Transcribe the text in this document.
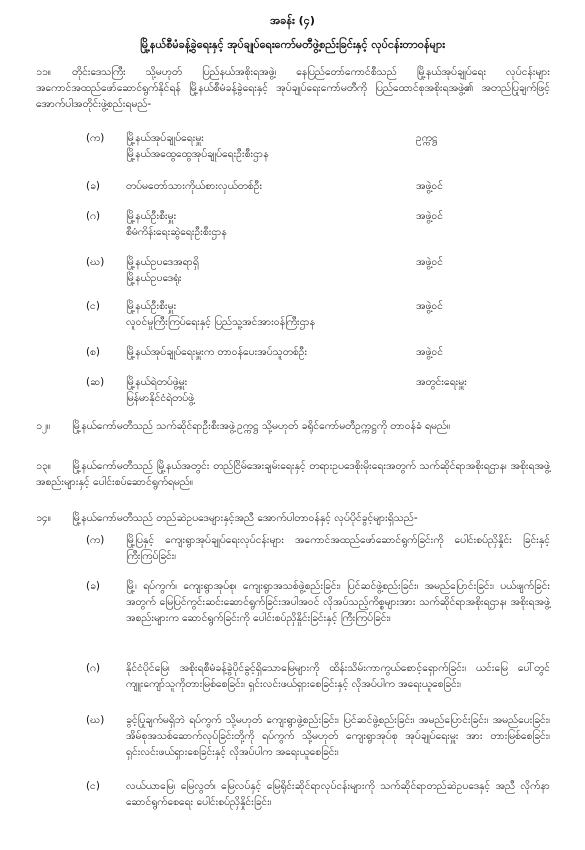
အခန်း (၄)
မြို့နယ်စီမံခန့်ခွဲရေးနှင့် အုပ်ချုပ်ရေးကော်မတီဖွဲ့စည်းခြင်းနှင့် လုပ်ငန်းတာဝန်များ
၁၁။ တိုင်းဒေသကြီး သို့မဟုတ် ပြည်နယ်အစိုးရအဖွဲ့၊ နေပြည်တော်ကောင်စီသည် မြို့နယ်အုပ်ချုပ်ရေး လုပ်ငန်းများ အကောင်အထည်ဖော်ဆောင်ရွက်နိုင်ရန် မြို့နယ်စီမံခန့်ခွဲရေးနှင့် အုပ်ချုပ်ရေးကော်မတီကို ပြည်ထောင်စုအစိုးရအဖွဲ့၏ အတည်ပြုချက်ဖြင့် အောက်ပါအတိုင်းဖွဲ့စည်းရမည်-
(က)	မြို့နယ်အုပ်ချုပ်ရေးမှူး	ဥက္ကဋ္ဌ
မြို့နယ်အထွေထွေအုပ်ချုပ်ရေးဦးစီးဌာန
(ခ)	တပ်မတော်သားကိုယ်စားလှယ်တစ်ဦး	အဖွဲ့ဝင်
(ဂ)	မြို့နယ်ဦးစီးမှူး	အဖွဲ့ဝင်
စီမံကိန်းရေးဆွဲရေးဦးစီးဌာန
(ဃ)	မြို့နယ်ဥပဒေအရာရှိ	အဖွဲ့ဝင်
မြို့နယ်ဥပဒေရုံး
(င)	မြို့နယ်ဦးစီးမှူး	အဖွဲ့ဝင်
လူဝင်မှုကြီးကြပ်ရေးနှင့် ပြည်သူ့အင်အားဝန်ကြီးဌာန
(စ)	မြို့နယ်အုပ်ချုပ်ရေးမှူးက တာဝန်ပေးအပ်သူတစ်ဦး	အဖွဲ့ဝင်
(ဆ)	မြို့နယ်ရဲတပ်ဖွဲ့မှူး	အတွင်းရေးမှူး
မြန်မာနိုင်ငံရဲတပ်ဖွဲ့
၁၂။ မြို့နယ်ကော်မတီသည် သက်ဆိုင်ရာဦးစီးအဖွဲ့ဥက္ကဋ္ဌ သို့မဟုတ် ခရိုင်ကော်မတီဥက္ကဋ္ဌကို တာဝန်ခံ ရမည်။
၁၃။ မြို့နယ်ကော်မတီသည် မြို့နယ်အတွင်း တည်ငြိမ်အေးချမ်းရေးနှင့် တရားဥပဒေစိုးမိုးရေးအတွက် သက်ဆိုင်ရာအစိုးရဌာန၊ အစိုးရအဖွဲ့အစည်းများနှင့် ပေါင်းစပ်ဆောင်ရွက်ရမည်။
၁၄။ မြို့နယ်ကော်မတီသည် တည်ဆဲဥပဒေများနှင့်အညီ အောက်ပါတာဝန်နှင့် လုပ်ပိုင်ခွင့်များရှိသည်-
(က)	မြို့ပြနှင့် ကျေးရွာအုပ်ချုပ်ရေးလုပ်ငန်းများ အကောင်အထည်ဖော်ဆောင်ရွက်ခြင်းကို ပေါင်းစပ်ညှိနှိုင်း ခြင်းနှင့် ကြီးကြပ်ခြင်း၊
(ခ)	မြို့၊ ရပ်ကွက်၊ ကျေးရွာအုပ်စု၊ ကျေးရွာအသစ်ဖွဲ့စည်းခြင်း၊ ပြင်ဆင်ဖွဲ့စည်းခြင်း၊ အမည်ပြောင်းခြင်း၊ ပယ်ဖျက်ခြင်းအတွက် မြေပြင်ကွင်းဆင်းဆောင်ရွက်ခြင်းအပါအဝင် လိုအပ်သည့်ကိစ္စများအား သက်ဆိုင်ရာအစိုးရဌာန၊ အစိုးရအဖွဲ့အစည်းများက ဆောင်ရွက်ခြင်းကို ပေါင်းစပ်ညှိနှိုင်းခြင်းနှင့် ကြီးကြပ်ခြင်း၊
(ဂ)	နိုင်ငံပိုင်မြေ၊ အစိုးရစီမံခန့်ခွဲပိုင်ခွင့်ရှိသောမြေများကို ထိန်းသိမ်းကာကွယ်စောင့်ရှောက်ခြင်း၊ ယင်းမြေ ပေါ်တွင် ကျူးကျော်သူကိုတားမြစ်စေခြင်း၊ ရှင်းလင်းဖယ်ရှားစေခြင်းနှင့် လိုအပ်ပါက အရေးယူစေခြင်း၊
(ဃ)	ခွင့်ပြုချက်မရှိဘဲ ရပ်ကွက် သို့မဟုတ် ကျေးရွာဖွဲ့စည်းခြင်း၊ ပြင်ဆင်ဖွဲ့စည်းခြင်း၊ အမည်ပြောင်းခြင်း၊ အမည်ပေးခြင်း၊ အိမ်စုအသစ်ဆောက်လုပ်ခြင်းတို့ကို ရပ်ကွက် သို့မဟုတ် ကျေးရွာအုပ်စု အုပ်ချုပ်ရေးမှူး အား တားမြစ်စေခြင်း၊ ရှင်းလင်းဖယ်ရှားစေခြင်းနှင့် လိုအပ်ပါက အရေးယူစေခြင်း၊
(င)	လယ်ယာမြေ၊ မြေလွတ်၊ မြေလပ်နှင့် မြေရိုင်းဆိုင်ရာလုပ်ငန်းများကို သက်ဆိုင်ရာတည်ဆဲဥပဒေနှင့် အညီ လိုက်နာဆောင်ရွက်စေရေး ပေါင်းစပ်ညှိနှိုင်းခြင်း၊
